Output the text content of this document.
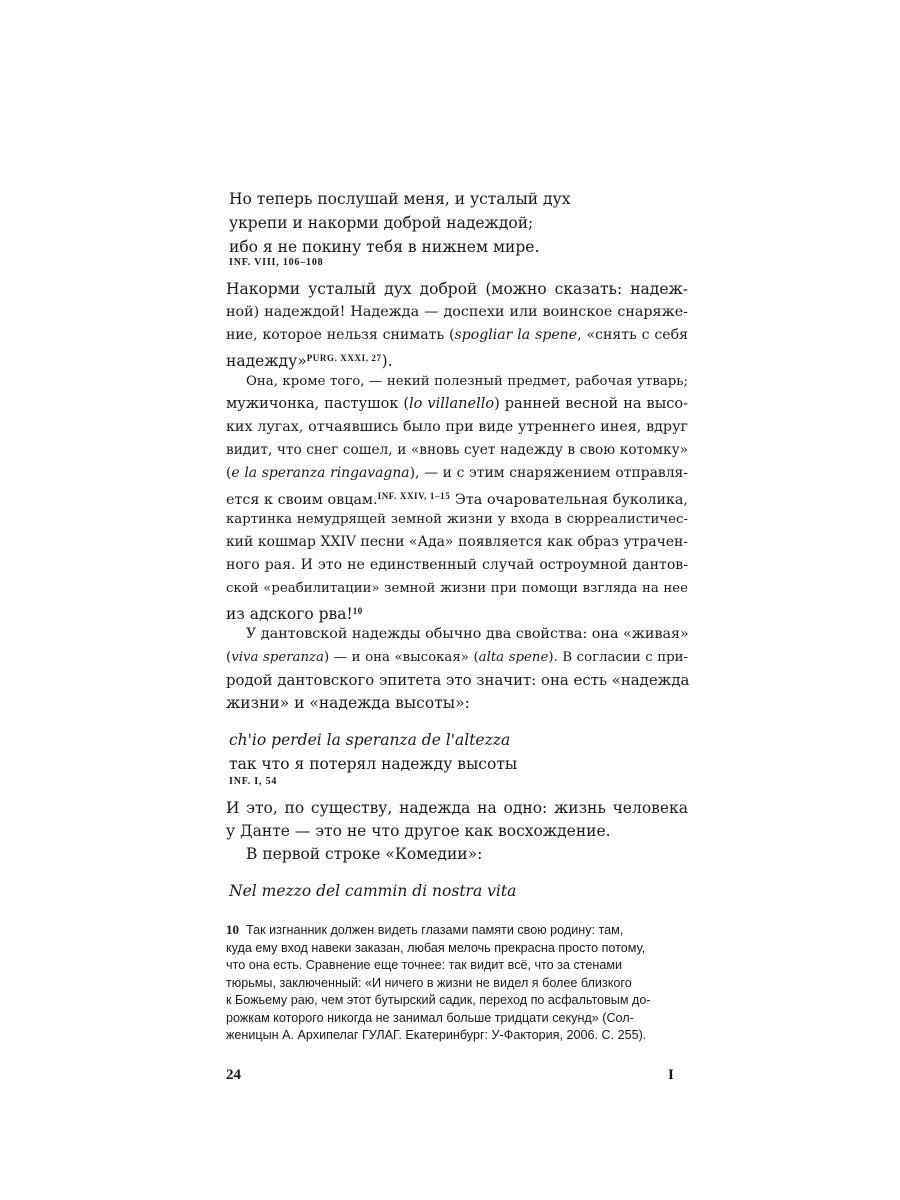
Но теперь послушай меня, и усталый дух
укрепи и накорми доброй надеждой;
ибо я не покину тебя в нижнем мире.
INF. VIII, 106–108
Накорми усталый дух доброй (можно сказать: надеж-
ной) надеждой! Надежда — доспехи или воинское снаряже-
ние, которое нельзя снимать (spogliar la spene, «снять с себя
надежду»$^{PURG. XXXI, 27}$).
Она, кроме того, — некий полезный предмет, рабочая утварь;
мужичонка, пастушок (lo villanello) ранней весной на высо-
ких лугах, отчаявшись было при виде утреннего инея, вдруг
видит, что снег сошел, и «вновь сует надежду в свою котомку»
(e la speranza ringavagna), — и с этим снаряжением отправля-
ется к своим овцам.$^{INF. XXIV, 1-15}$ Эта очаровательная буколика,
картинка немудрящей земной жизни у входа в сюрреалистичес-
кий кошмар XXIV песни «Ада» появляется как образ утрачен-
ного рая. И это не единственный случай остроумной дантов-
ской «реабилитации» земной жизни при помощи взгляда на нее
из адского рва!$^{10}$
У дантовской надежды обычно два свойства: она «живая»
(viva speranza) — и она «высокая» (alta spene). В согласии с при-
родой дантовского эпитета это значит: она есть «надежда
жизни» и «надежда высоты»:
ch'io perdei la speranza de l'altezza
так что я потерял надежду высоты
INF. I, 54
И это, по существу, надежда на одно: жизнь человека
у Данте — это не что другое как восхождение.
В первой строке «Комедии»:
Nel mezzo del cammin di nostra vita
10 Так изгнанник должен видеть глазами памяти свою родину: там,
куда ему вход навеки заказан, любая мелочь прекрасна просто потому,
что она есть. Сравнение еще точнее: так видит всё, что за стенами
тюрьмы, заключенный: «И ничего в жизни не видел я более близкого
к Божьему раю, чем этот бутырский садик, переход по асфальтовым до-
рожкам которого никогда не занимал больше тридцати секунд» (Сол-
женицын А. Архипелаг ГУЛАГ. Екатеринбург: У-Фактория, 2006. С. 255).
24	I
